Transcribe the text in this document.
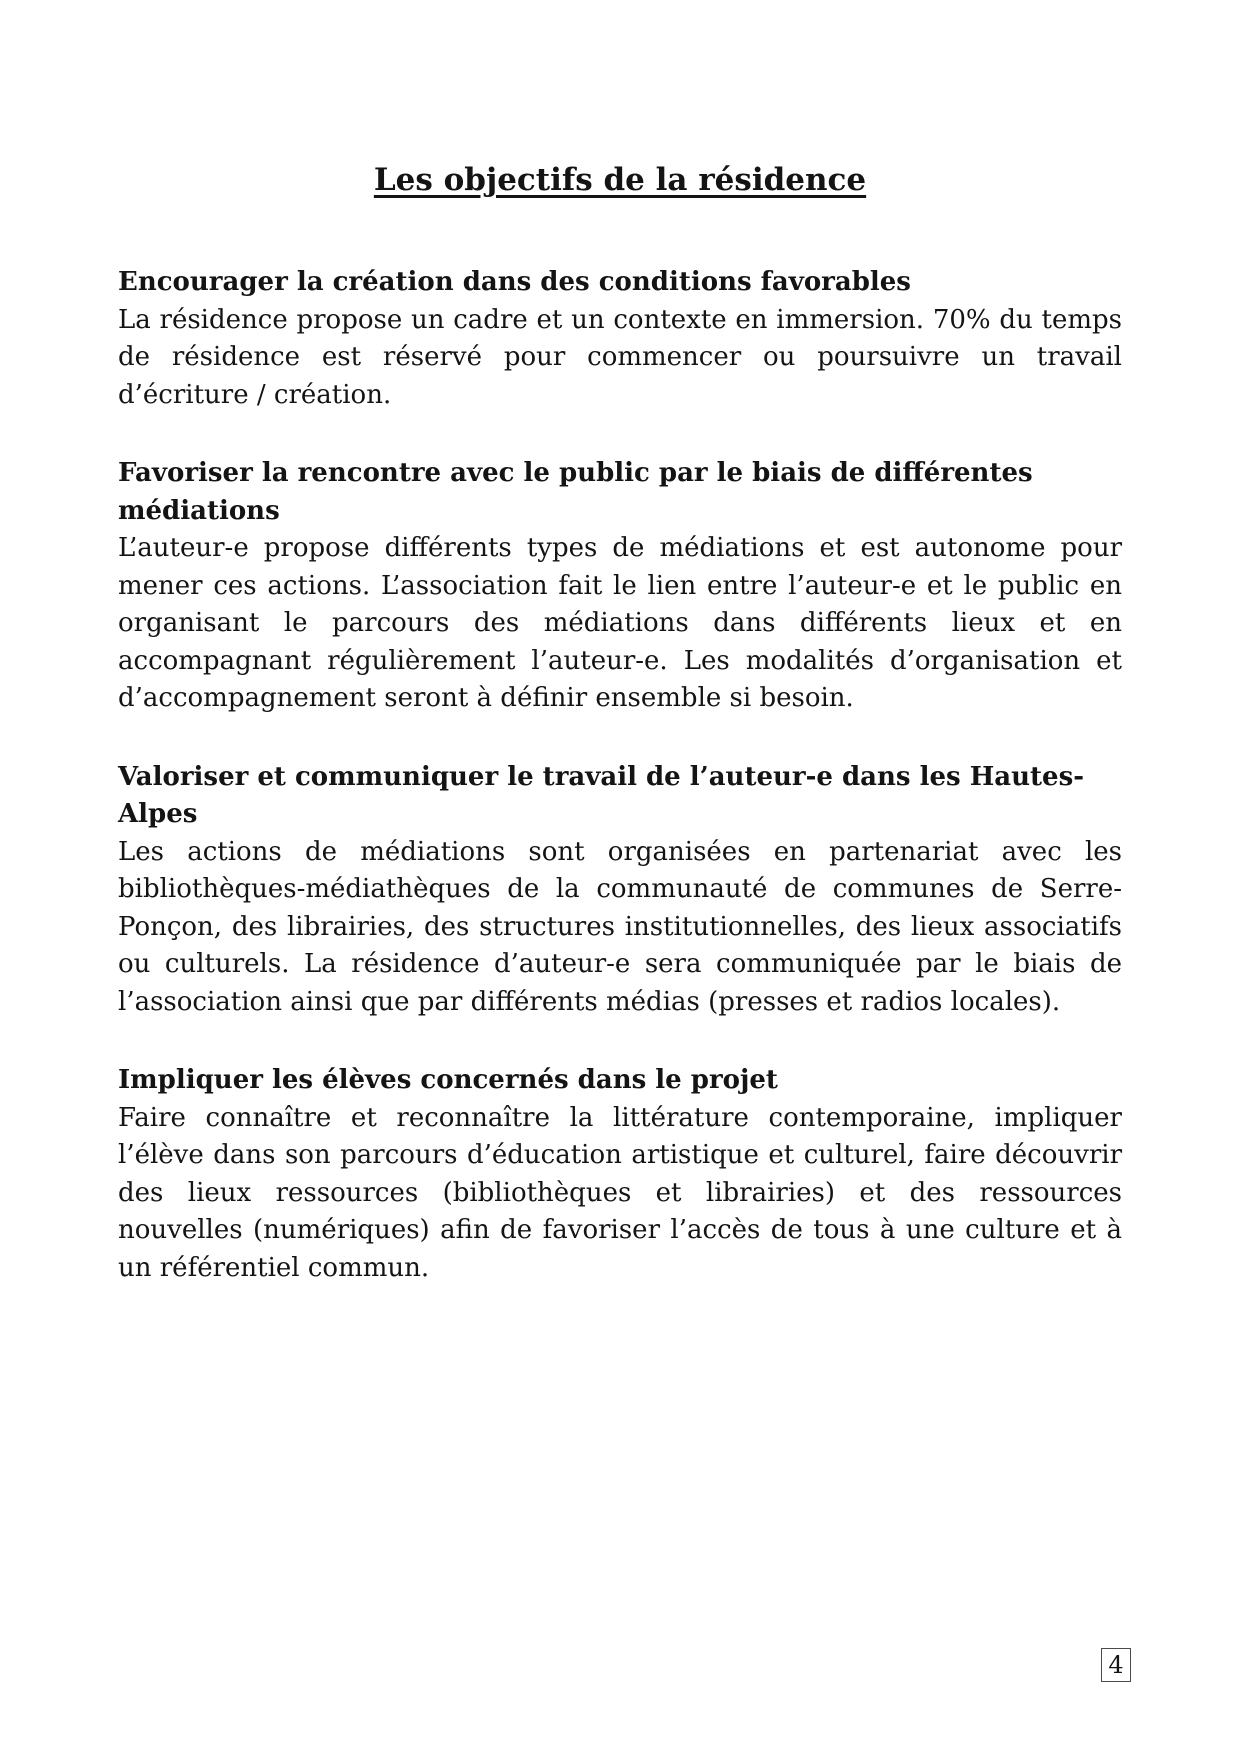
Les objectifs de la résidence
Encourager la création dans des conditions favorables

La résidence propose un cadre et un contexte en immersion. 70% du temps de résidence est réservé pour commencer ou poursuivre un travail d’écriture / création.

Favoriser la rencontre avec le public par le biais de différentes médiations

L’auteur-e propose différents types de médiations et est autonome pour mener ces actions. L’association fait le lien entre l’auteur-e et le public en organisant le parcours des médiations dans différents lieux et en accompagnant régulièrement l’auteur-e. Les modalités d’organisation et d’accompagnement seront à définir ensemble si besoin.

Valoriser et communiquer le travail de l’auteur-e dans les Hautes-Alpes

Les actions de médiations sont organisées en partenariat avec les bibliothèques-médiathèques de la communauté de communes de Serre-Ponçon, des librairies, des structures institutionnelles, des lieux associatifs ou culturels. La résidence d’auteur-e sera communiquée par le biais de l’association ainsi que par différents médias (presses et radios locales).

Impliquer les élèves concernés dans le projet

Faire connaître et reconnaître la littérature contemporaine, impliquer l’élève dans son parcours d’éducation artistique et culturel, faire découvrir des lieux ressources (bibliothèques et librairies) et des ressources nouvelles (numériques) afin de favoriser l’accès de tous à une culture et à un référentiel commun.

4
